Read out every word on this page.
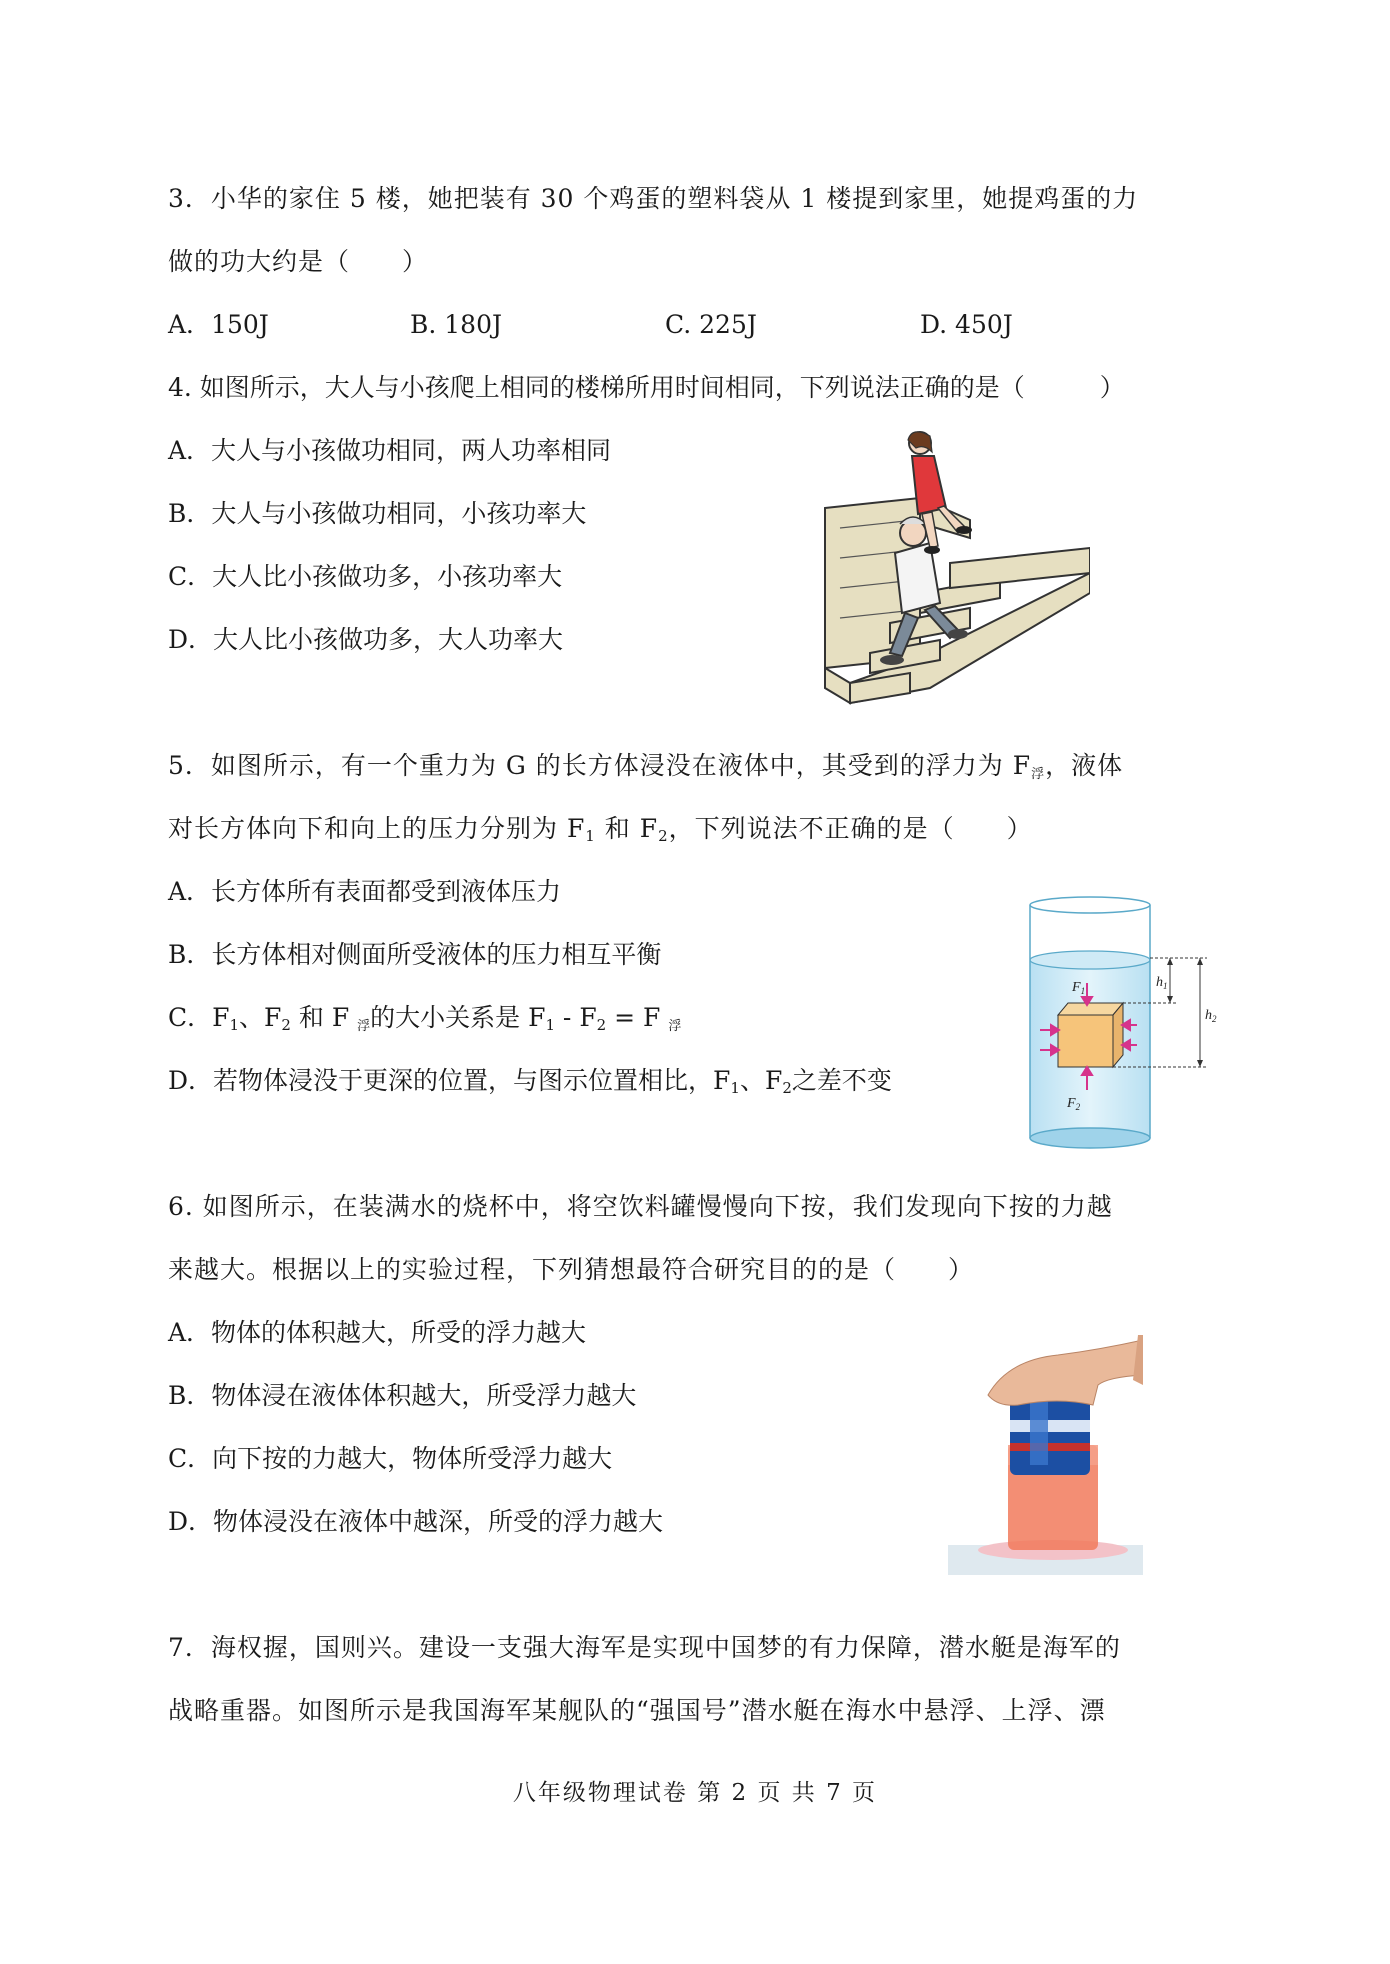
3．小华的家住 5 楼，她把装有 30 个鸡蛋的塑料袋从 1 楼提到家里，她提鸡蛋的力
做的功大约是（　　）
A．150J	B. 180J	C. 225J	D. 450J
4. 如图所示，大人与小孩爬上相同的楼梯所用时间相同，下列说法正确的是（　　　）
A．大人与小孩做功相同，两人功率相同
B．大人与小孩做功相同，小孩功率大
C．大人比小孩做功多，小孩功率大
D．大人比小孩做功多，大人功率大
5．如图所示，有一个重力为 G 的长方体浸没在液体中，其受到的浮力为 $F_浮$，液体
对长方体向下和向上的压力分别为 $F_1$ 和 $F_2$，下列说法不正确的是（　　）
A．长方体所有表面都受到液体压力
B．长方体相对侧面所受液体的压力相互平衡
C．$F_1$、$F_2$ 和 F $_浮$的大小关系是 $F_1 - F_2 = F$ $_浮$
D．若物体浸没于更深的位置，与图示位置相比，$F_1$、$F_2$之差不变
$F_1$
$F_2$
$h_1$
$h_2$
6. 如图所示，在装满水的烧杯中，将空饮料罐慢慢向下按，我们发现向下按的力越
来越大。根据以上的实验过程，下列猜想最符合研究目的的是（　　）
A．物体的体积越大，所受的浮力越大
B．物体浸在液体体积越大，所受浮力越大
C．向下按的力越大，物体所受浮力越大
D．物体浸没在液体中越深，所受的浮力越大
7．海权握，国则兴。建设一支强大海军是实现中国梦的有力保障，潜水艇是海军的
战略重器。如图所示是我国海军某舰队的“强国号”潜水艇在海水中悬浮、上浮、漂
八年级物理试卷 第 2 页 共 7 页
